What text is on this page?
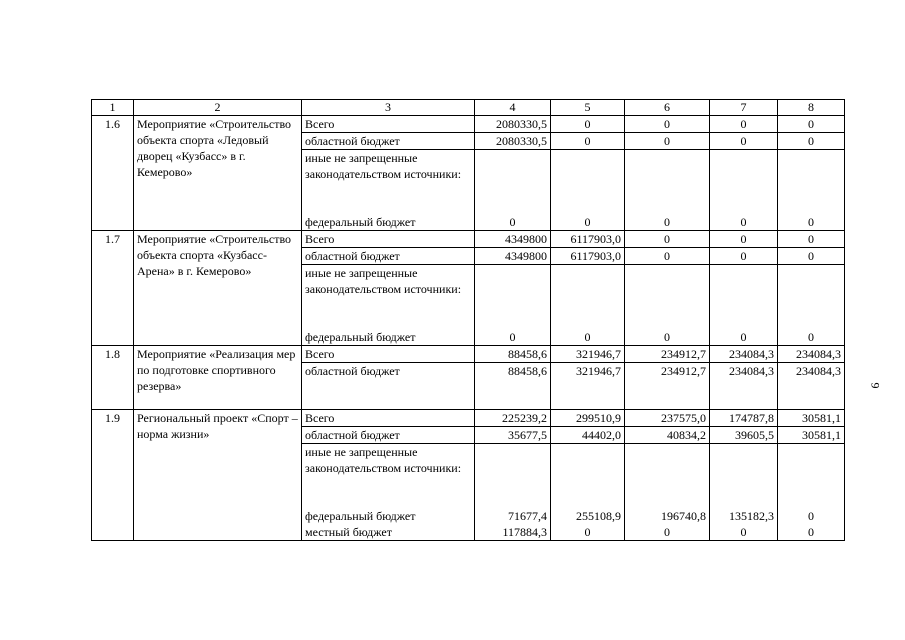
1	2	3	4	5	6	7	8
1.6	Мероприятие «Строительство объекта спорта «Ледовый дворец «Кузбасс» в г. Кемерово»	Всего	2080330,5	0	0	0	0
		областной бюджет	2080330,5	0	0	0	0
		иные не запрещенные законодательством источники:					
		федеральный бюджет	0	0	0	0	0
1.7	Мероприятие «Строительство объекта спорта «Кузбасс-Арена» в г. Кемерово»	Всего	4349800	6117903,0	0	0	0
		областной бюджет	4349800	6117903,0	0	0	0
		иные не запрещенные законодательством источники:					
		федеральный бюджет	0	0	0	0	0
1.8	Мероприятие «Реализация мер по подготовке спортивного резерва»	Всего	88458,6	321946,7	234912,7	234084,3	234084,3
		областной бюджет	88458,6	321946,7	234912,7	234084,3	234084,3
1.9	Региональный проект «Спорт – норма жизни»	Всего	225239,2	299510,9	237575,0	174787,8	30581,1
		областной бюджет	35677,5	44402,0	40834,2	39605,5	30581,1
		иные не запрещенные законодательством источники:					
		федеральный бюджет	71677,4	255108,9	196740,8	135182,3	0
		местный бюджет	117884,3	0	0	0	0
9
